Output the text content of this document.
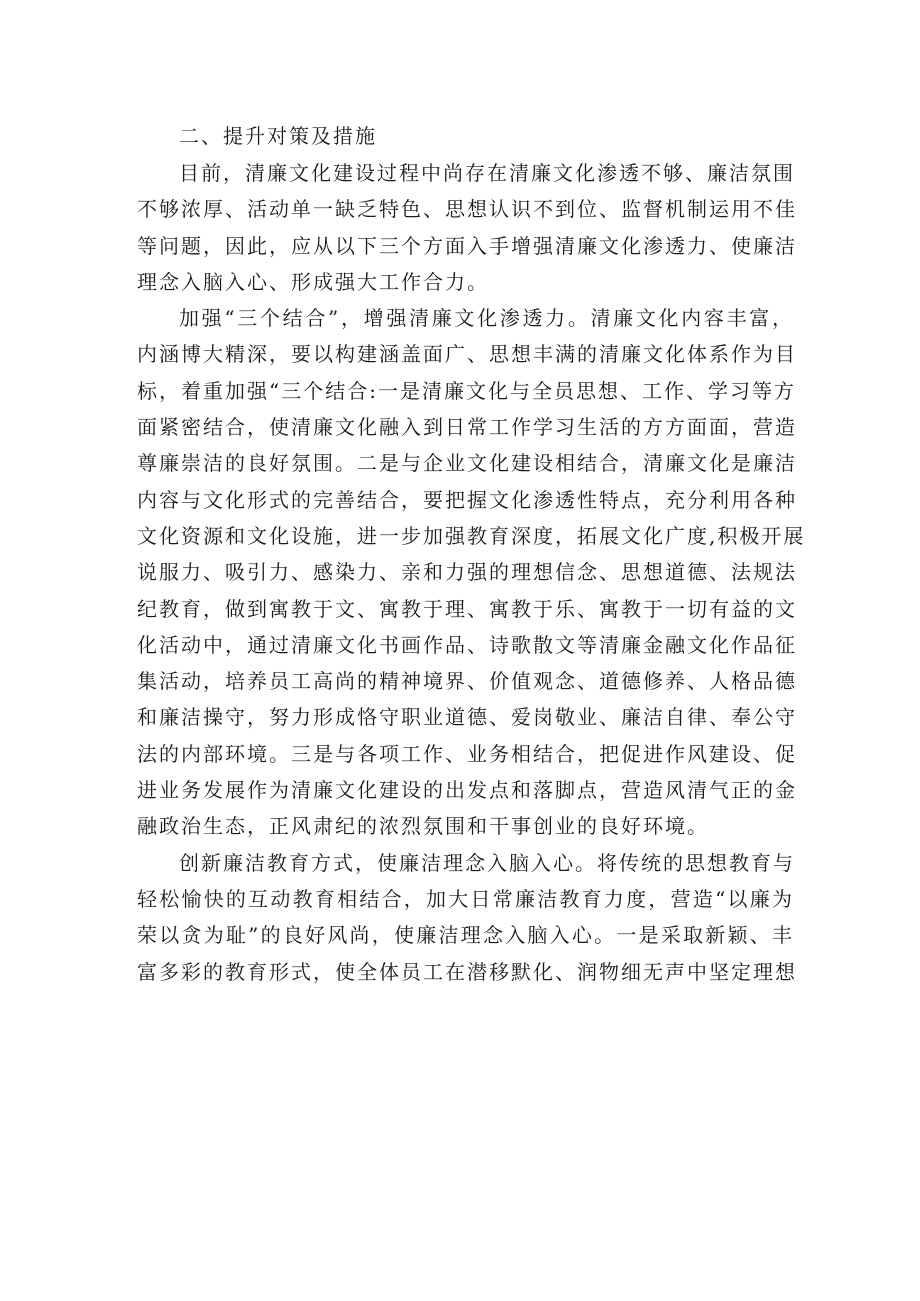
二、提升对策及措施

目前，清廉文化建设过程中尚存在清廉文化渗透不够、廉洁氛围
不够浓厚、活动单一缺乏特色、思想认识不到位、监督机制运用不佳
等问题，因此，应从以下三个方面入手增强清廉文化渗透力、使廉洁
理念入脑入心、形成强大工作合力。

加强“三个结合”，增强清廉文化渗透力。清廉文化内容丰富，
内涵博大精深，要以构建涵盖面广、思想丰满的清廉文化体系作为目
标，着重加强“三个结合:一是清廉文化与全员思想、工作、学习等方
面紧密结合，使清廉文化融入到日常工作学习生活的方方面面，营造
尊廉崇洁的良好氛围。二是与企业文化建设相结合，清廉文化是廉洁
内容与文化形式的完善结合，要把握文化渗透性特点，充分利用各种
文化资源和文化设施，进一步加强教育深度，拓展文化广度,积极开展
说服力、吸引力、感染力、亲和力强的理想信念、思想道德、法规法
纪教育，做到寓教于文、寓教于理、寓教于乐、寓教于一切有益的文
化活动中，通过清廉文化书画作品、诗歌散文等清廉金融文化作品征
集活动，培养员工高尚的精神境界、价值观念、道德修养、人格品德
和廉洁操守，努力形成恪守职业道德、爱岗敬业、廉洁自律、奉公守
法的内部环境。三是与各项工作、业务相结合，把促进作风建设、促
进业务发展作为清廉文化建设的出发点和落脚点，营造风清气正的金
融政治生态，正风肃纪的浓烈氛围和干事创业的良好环境。

创新廉洁教育方式，使廉洁理念入脑入心。将传统的思想教育与
轻松愉快的互动教育相结合，加大日常廉洁教育力度，营造“以廉为
荣以贪为耻”的良好风尚，使廉洁理念入脑入心。一是采取新颖、丰
富多彩的教育形式，使全体员工在潜移默化、润物细无声中坚定理想
